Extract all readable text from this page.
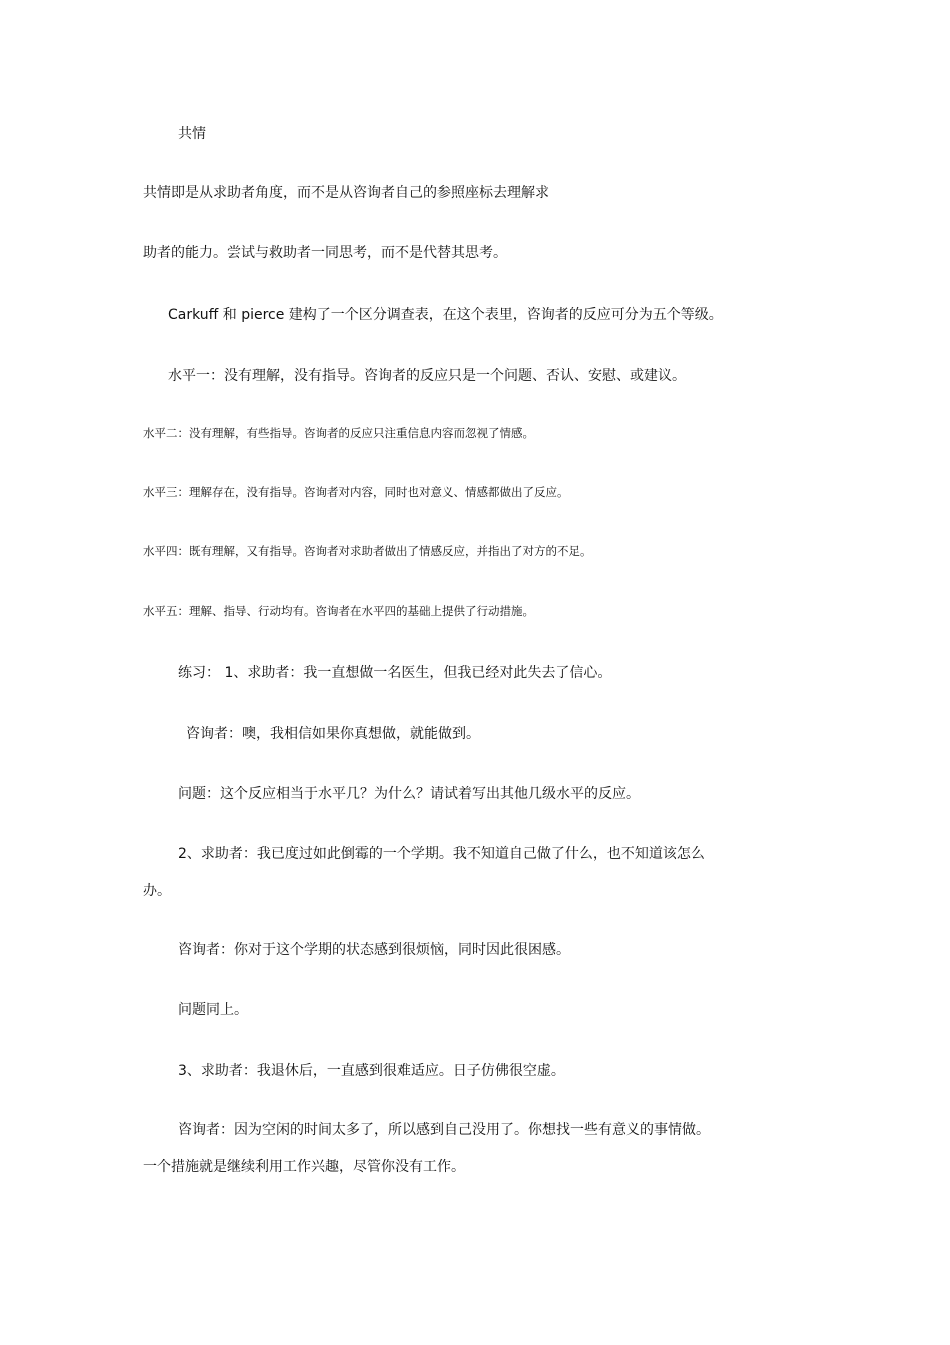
共情
共情即是从求助者角度，而不是从咨询者自己的参照座标去理解求
助者的能力。尝试与救助者一同思考，而不是代替其思考。
Carkuff 和 pierce 建构了一个区分调查表，在这个表里，咨询者的反应可分为五个等级。
水平一：没有理解，没有指导。咨询者的反应只是一个问题、否认、安慰、或建议。
水平二：没有理解，有些指导。咨询者的反应只注重信息内容而忽视了情感。
水平三：理解存在，没有指导。咨询者对内容，同时也对意义、情感都做出了反应。
水平四：既有理解，又有指导。咨询者对求助者做出了情感反应，并指出了对方的不足。
水平五：理解、指导、行动均有。咨询者在水平四的基础上提供了行动措施。
练习： 1、求助者：我一直想做一名医生，但我已经对此失去了信心。
咨询者：噢，我相信如果你真想做，就能做到。
问题：这个反应相当于水平几？为什么？请试着写出其他几级水平的反应。
2、求助者：我已度过如此倒霉的一个学期。我不知道自己做了什么，也不知道该怎么
办。
咨询者：你对于这个学期的状态感到很烦恼，同时因此很困感。
问题同上。
3、求助者：我退休后，一直感到很难适应。日子仿佛很空虚。
咨询者：因为空闲的时间太多了，所以感到自己没用了。你想找一些有意义的事情做。
一个措施就是继续利用工作兴趣，尽管你没有工作。
